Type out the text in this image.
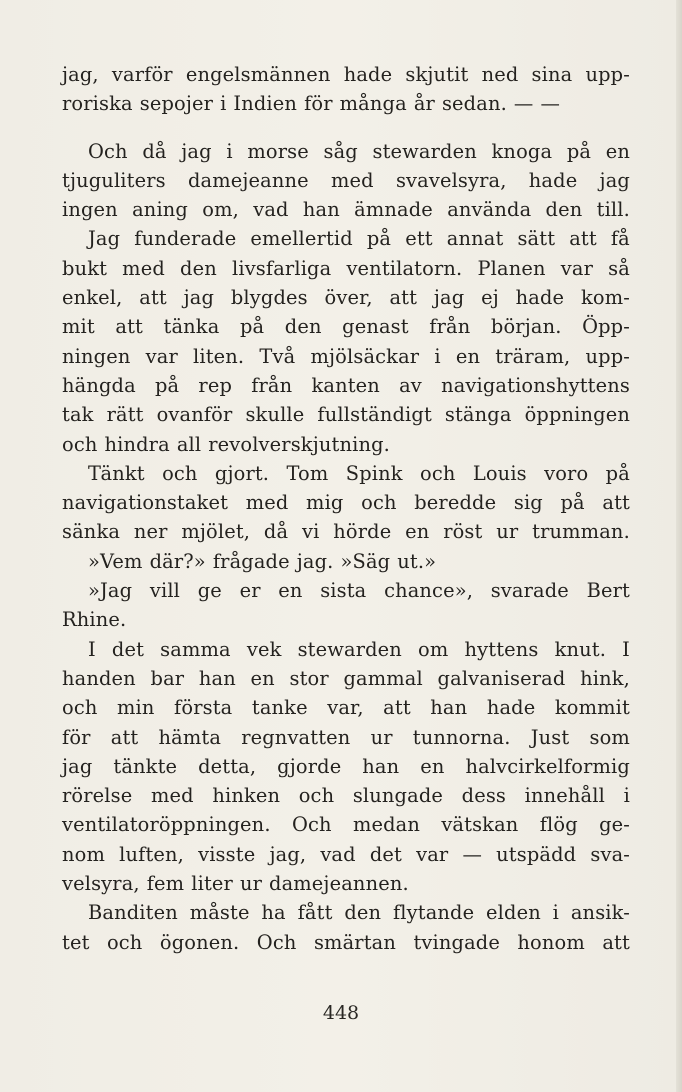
jag, varför engelsmännen hade skjutit ned sina upp-
roriska sepojer i Indien för många år sedan. — —
Och då jag i morse såg stewarden knoga på en
tjuguliters damejeanne med svavelsyra, hade jag
ingen aning om, vad han ämnade använda den till.
Jag funderade emellertid på ett annat sätt att få
bukt med den livsfarliga ventilatorn. Planen var så
enkel, att jag blygdes över, att jag ej hade kom-
mit att tänka på den genast från början. Öpp-
ningen var liten. Två mjölsäckar i en träram, upp-
hängda på rep från kanten av navigationshyttens
tak rätt ovanför skulle fullständigt stänga öppningen
och hindra all revolverskjutning.
Tänkt och gjort. Tom Spink och Louis voro på
navigationstaket med mig och beredde sig på att
sänka ner mjölet, då vi hörde en röst ur trumman.
»Vem där?» frågade jag. »Säg ut.»
»Jag vill ge er en sista chance», svarade Bert
Rhine.
I det samma vek stewarden om hyttens knut. I
handen bar han en stor gammal galvaniserad hink,
och min första tanke var, att han hade kommit
för att hämta regnvatten ur tunnorna. Just som
jag tänkte detta, gjorde han en halvcirkelformig
rörelse med hinken och slungade dess innehåll i
ventilatoröppningen. Och medan vätskan flög ge-
nom luften, visste jag, vad det var — utspädd sva-
velsyra, fem liter ur damejeannen.
Banditen måste ha fått den flytande elden i ansik-
tet och ögonen. Och smärtan tvingade honom att
448
